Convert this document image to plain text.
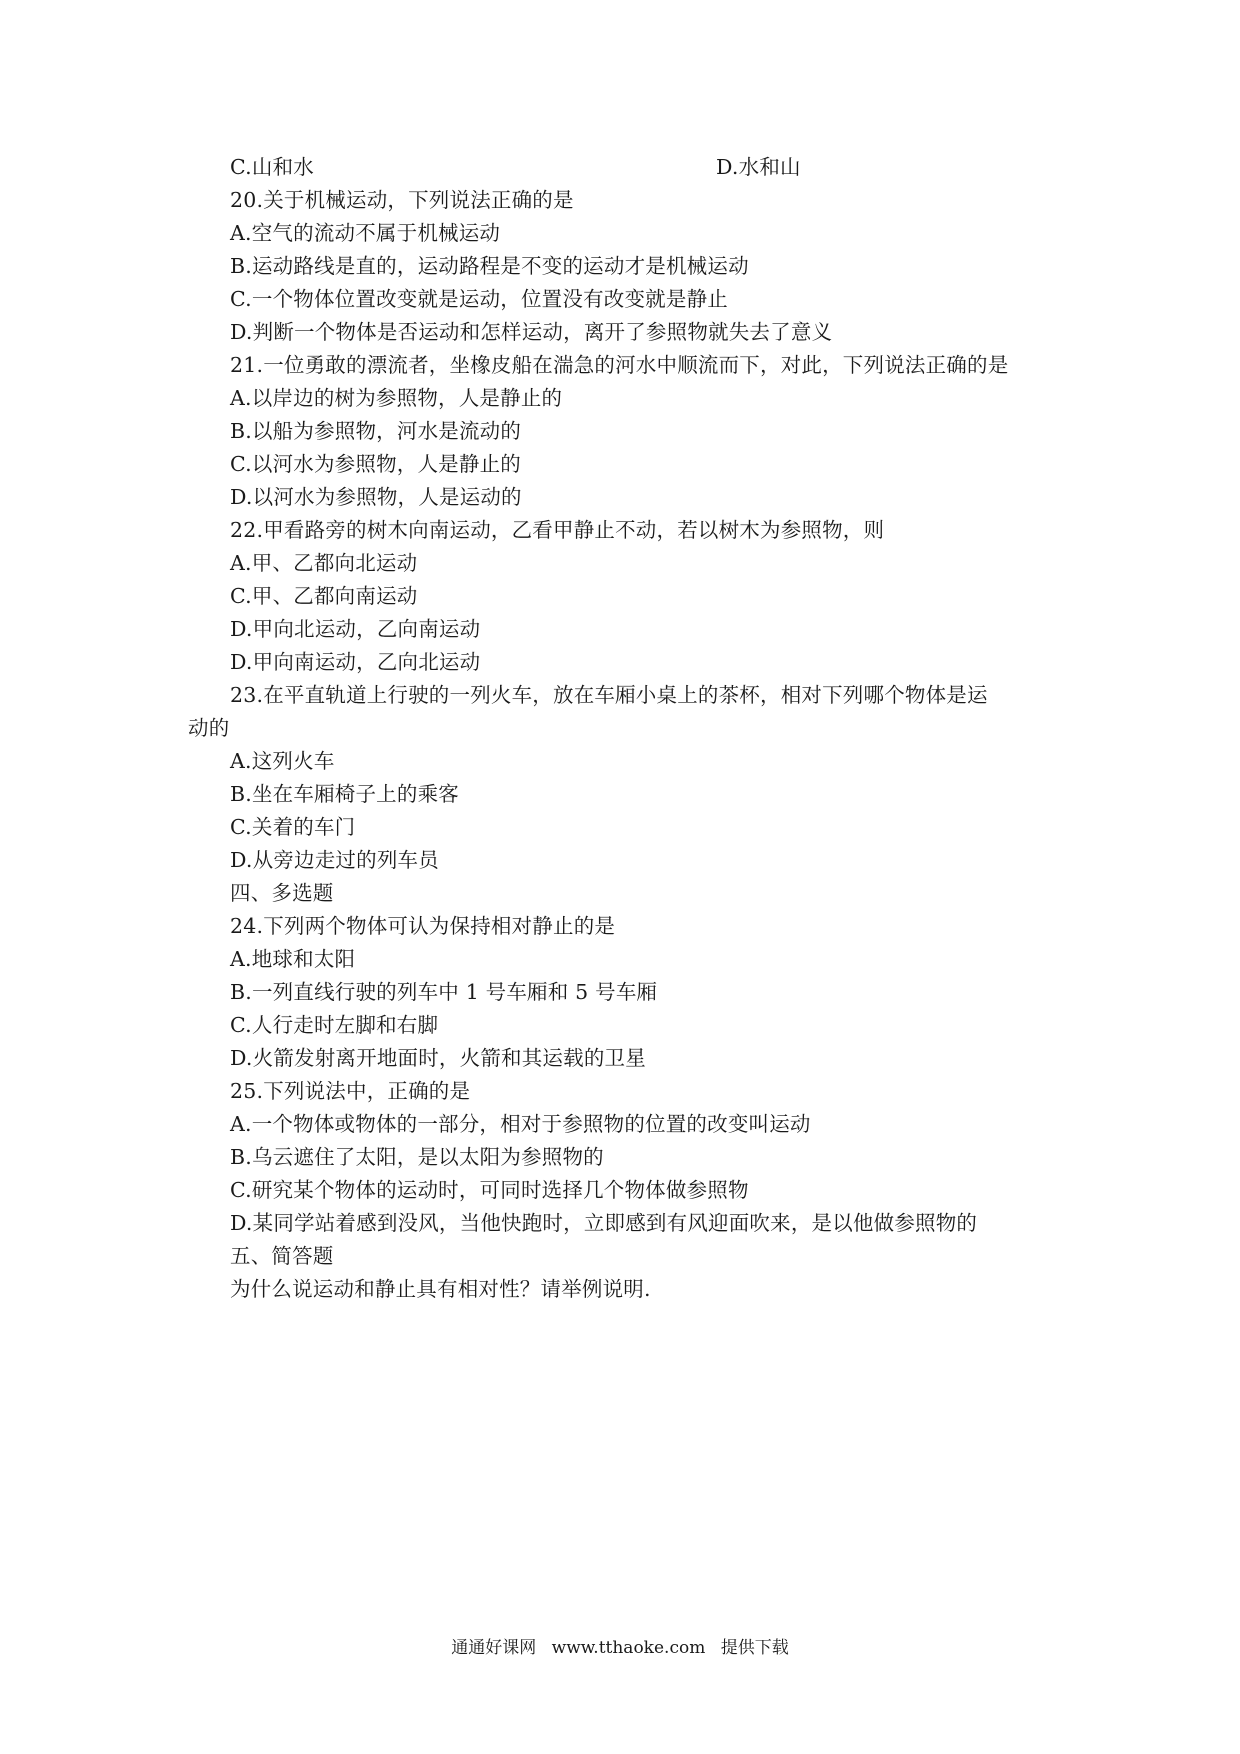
C.山和水	D.水和山
20.关于机械运动，下列说法正确的是
A.空气的流动不属于机械运动
B.运动路线是直的，运动路程是不变的运动才是机械运动
C.一个物体位置改变就是运动，位置没有改变就是静止
D.判断一个物体是否运动和怎样运动，离开了参照物就失去了意义
21.一位勇敢的漂流者，坐橡皮船在湍急的河水中顺流而下，对此，下列说法正确的是
A.以岸边的树为参照物，人是静止的
B.以船为参照物，河水是流动的
C.以河水为参照物，人是静止的
D.以河水为参照物，人是运动的
22.甲看路旁的树木向南运动，乙看甲静止不动，若以树木为参照物，则
A.甲、乙都向北运动
C.甲、乙都向南运动
D.甲向北运动，乙向南运动
D.甲向南运动，乙向北运动
23.在平直轨道上行驶的一列火车，放在车厢小桌上的茶杯，相对下列哪个物体是运
动的
A.这列火车
B.坐在车厢椅子上的乘客
C.关着的车门
D.从旁边走过的列车员
四、多选题
24.下列两个物体可认为保持相对静止的是
A.地球和太阳
B.一列直线行驶的列车中 1 号车厢和 5 号车厢
C.人行走时左脚和右脚
D.火箭发射离开地面时，火箭和其运载的卫星
25.下列说法中，正确的是
A.一个物体或物体的一部分，相对于参照物的位置的改变叫运动
B.乌云遮住了太阳，是以太阳为参照物的
C.研究某个物体的运动时，可同时选择几个物体做参照物
D.某同学站着感到没风，当他快跑时，立即感到有风迎面吹来，是以他做参照物的
五、简答题
为什么说运动和静止具有相对性？请举例说明.
通通好课网 www.tthaoke.com 提供下载
